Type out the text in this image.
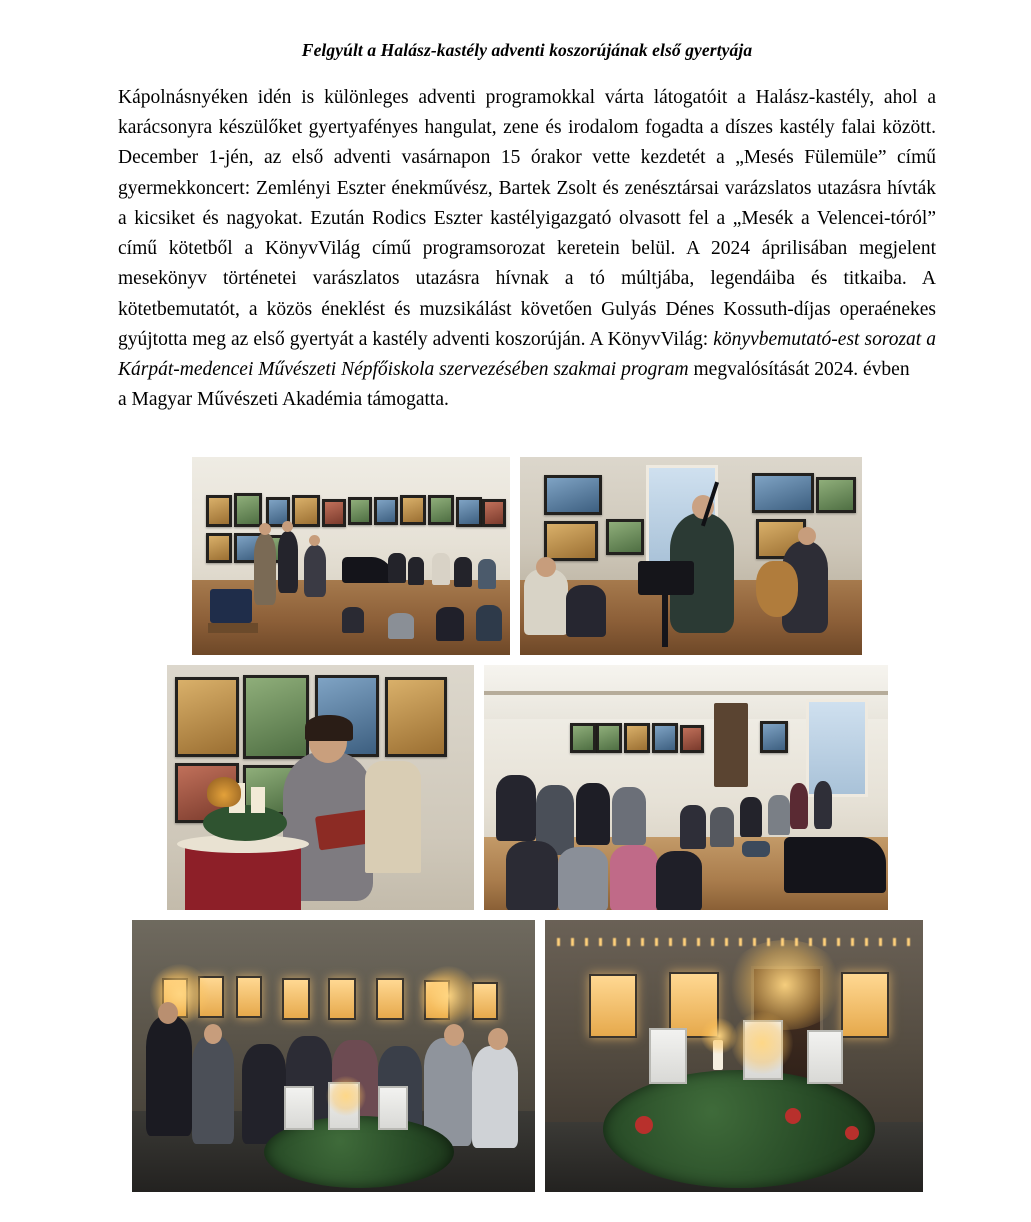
Felgyúlt a Halász-kastély adventi koszorújának első gyertyája

Kápolnásnyéken idén is különleges adventi programokkal várta látogatóit a Halász-kastély, ahol a karácsonyra készülőket gyertyafényes hangulat, zene és irodalom fogadta a díszes kastély falai között. December 1-jén, az első adventi vasárnapon 15 órakor vette kezdetét a „Mesés Fülemüle” című gyermekkoncert: Zemlényi Eszter énekművész, Bartek Zsolt és zenésztársai varázslatos utazásra hívták a kicsiket és nagyokat. Ezután Rodics Eszter kastélyigazgató olvasott fel a „Mesék a Velencei-tóról” című kötetből a KönyvVilág című programsorozat keretein belül. A 2024 áprilisában megjelent mesekönyv történetei varászlatos utazásra hívnak a tó múltjába, legendáiba és titkaiba. A kötetbemutatót, a közös éneklést és muzsikálást követően Gulyás Dénes Kossuth-díjas operaénekes gyújtotta meg az első gyertyát a kastély adventi koszorúján. A KönyvVilág: könyvbemutató-est sorozat a Kárpát-medencei Művészeti Népfőiskola szervezésében szakmai program megvalósítását 2024. évben

a Magyar Művészeti Akadémia támogatta.
